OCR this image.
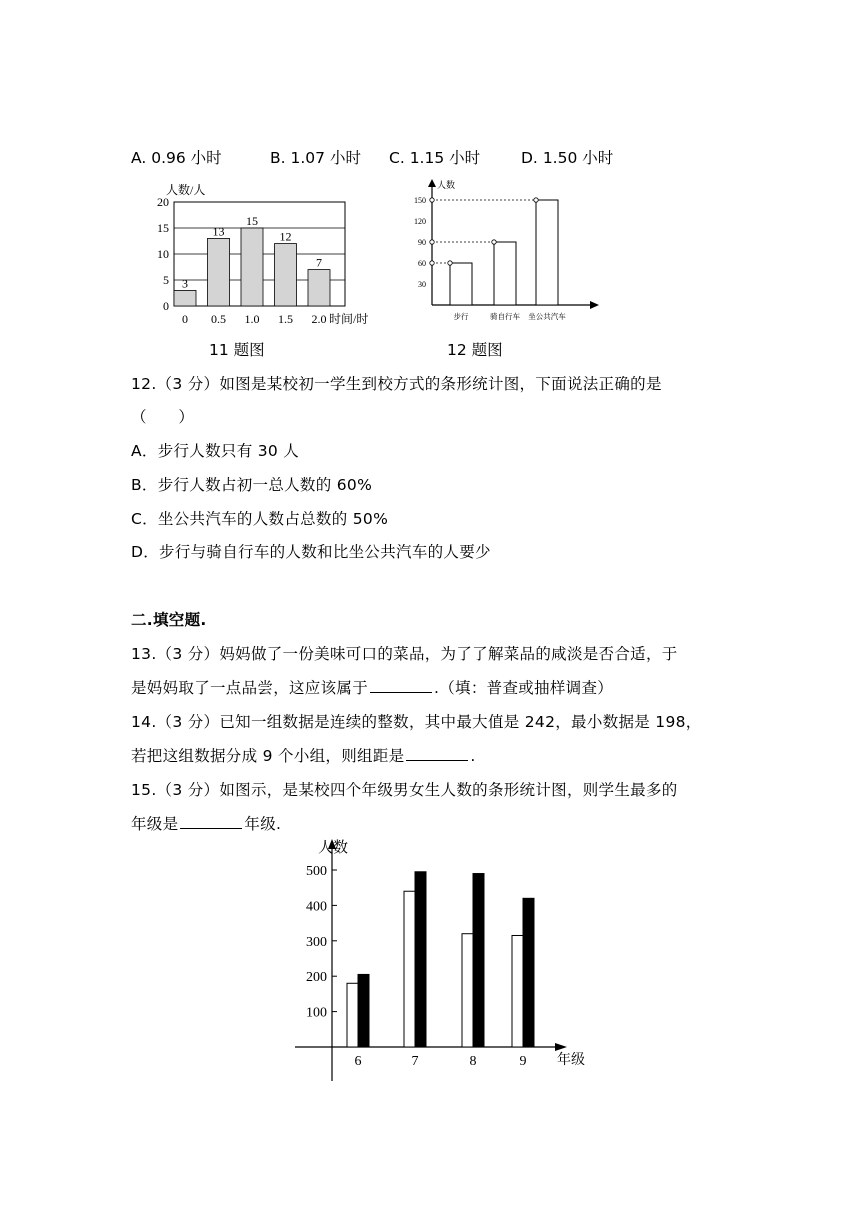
A. 0.96 小时	B. 1.07 小时 C. 1.15 小时	D. 1.50 小时
0
5
10
15
20
人数/人
3
13
15
12
7
0 0.5 1.0 1.5 2.0 时间/时
人数
30
60
90
120
150
步行	骑自行车 坐公共汽车
11 题图	12 题图
12.（3 分）如图是某校初一学生到校方式的条形统计图，下面说法正确的是
（　　）
A．步行人数只有 30 人
B．步行人数占初一总人数的 60%
C．坐公共汽车的人数占总数的 50%
D．步行与骑自行车的人数和比坐公共汽车的人要少
二.填空题.
13.（3 分）妈妈做了一份美味可口的菜品，为了了解菜品的咸淡是否合适，于
是妈妈取了一点品尝，这应该属于	.（填：普查或抽样调查）
14.（3 分）已知一组数据是连续的整数，其中最大值是 242，最小数据是 198，
若把这组数据分成 9 个小组，则组距是	.
15.（3 分）如图示，是某校四个年级男女生人数的条形统计图，则学生最多的
年级是	年级.
人数
100
200
300
400
500
6	7	8	9 年级
